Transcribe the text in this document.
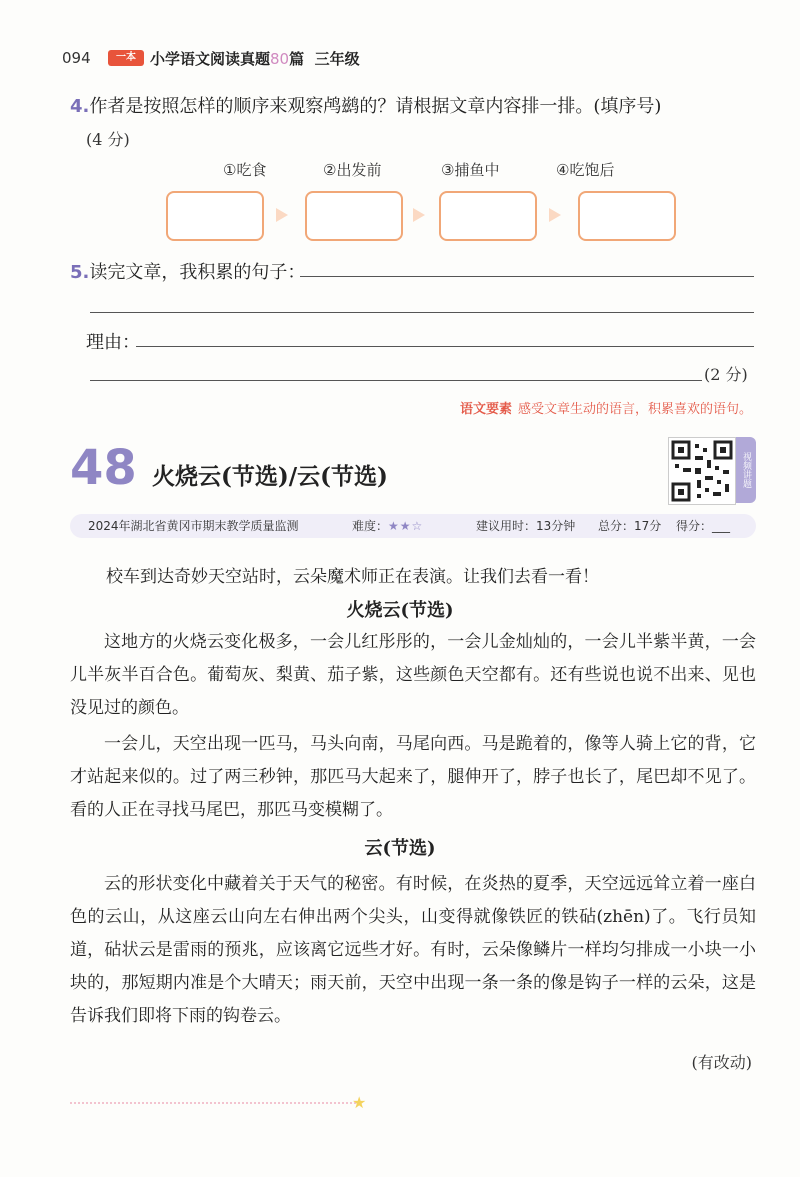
094	一本 小学语文阅读真题80篇 三年级
4.作者是按照怎样的顺序来观察鸬鹚的？请根据文章内容排一排。(填序号)
(4 分)
①吃食	②出发前	③捕鱼中	④吃饱后
5.读完文章，我积累的句子：
理由：
(2 分)
语文要素 感受文章生动的语言，积累喜欢的语句。
48 火烧云(节选)/云(节选)	视频讲题
2024年湖北省黄冈市期末教学质量监测	难度：★★☆	建议用时：13分钟 总分：17分 得分：___
校车到达奇妙天空站时，云朵魔术师正在表演。让我们去看一看！
火烧云(节选)

这地方的火烧云变化极多，一会儿红彤彤的，一会儿金灿灿的，一会儿半紫半黄，一会儿半灰半百合色。葡萄灰、梨黄、茄子紫，这些颜色天空都有。还有些说也说不出来、见也没见过的颜色。

一会儿，天空出现一匹马，马头向南，马尾向西。马是跪着的，像等人骑上它的背，它才站起来似的。过了两三秒钟，那匹马大起来了，腿伸开了，脖子也长了，尾巴却不见了。看的人正在寻找马尾巴，那匹马变模糊了。

云(节选)

云的形状变化中藏着关于天气的秘密。有时候，在炎热的夏季，天空远远耸立着一座白色的云山，从这座云山向左右伸出两个尖头，山变得就像铁匠的铁砧(zhēn)了。飞行员知道，砧状云是雷雨的预兆，应该离它远些才好。有时，云朵像鳞片一样均匀排成一小块一小块的，那短期内准是个大晴天；雨天前，天空中出现一条一条的像是钩子一样的云朵，这是告诉我们即将下雨的钩卷云。

(有改动)
★
